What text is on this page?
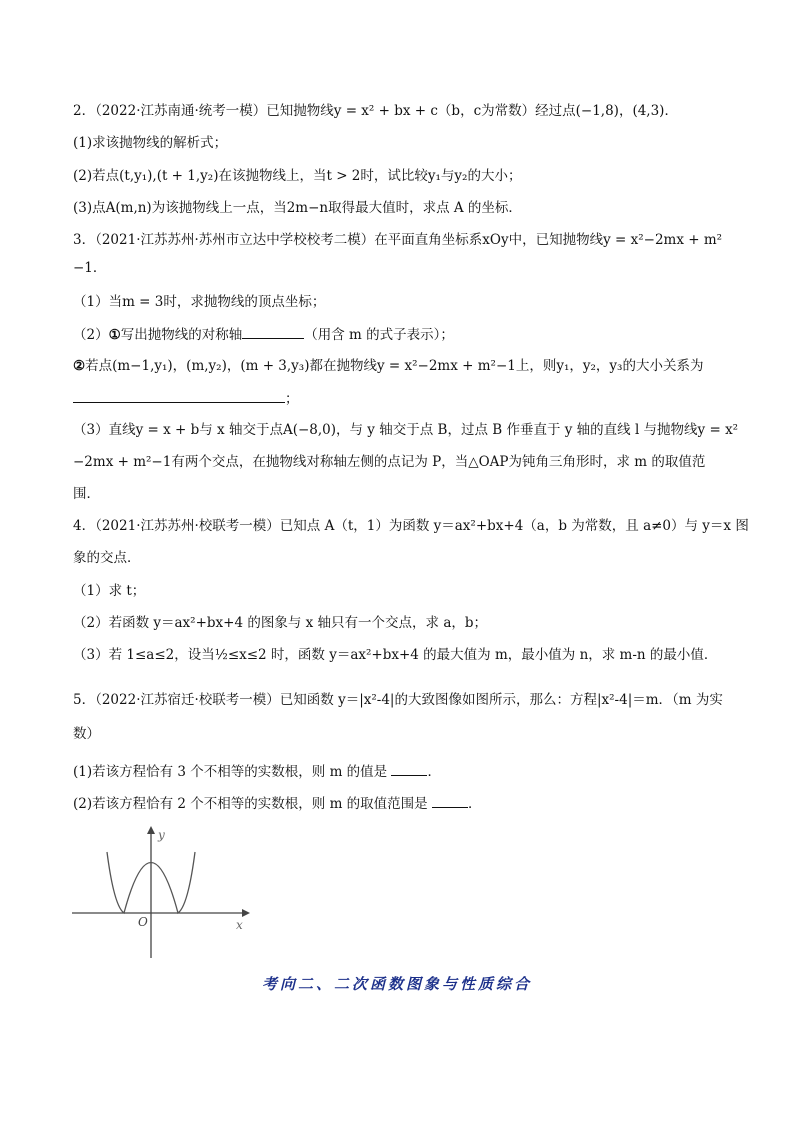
2．（2022·江苏南通·统考一模）已知抛物线y = x² + bx + c（b，c为常数）经过点(−1,8)，(4,3)．
(1)求该抛物线的解析式；
(2)若点(t,y₁),(t + 1,y₂)在该抛物线上，当t > 2时，试比较y₁与y₂的大小；
(3)点A(m,n)为该抛物线上一点，当2m−n取得最大值时，求点 A 的坐标．
3．（2021·江苏苏州·苏州市立达中学校校考二模）在平面直角坐标系xOy中，已知抛物线y = x²−2mx + m²
−1．
（1）当m = 3时，求抛物线的顶点坐标；
（2）①写出抛物线的对称轴	（用含 m 的式子表示）；
②若点(m−1,y₁)，(m,y₂)，(m + 3,y₃)都在抛物线y = x²−2mx + m²−1上，则y₁，y₂，y₃的大小关系为
；
（3）直线y = x + b与 x 轴交于点A(−8,0)，与 y 轴交于点 B，过点 B 作垂直于 y 轴的直线 l 与抛物线y = x²
−2mx + m²−1有两个交点，在抛物线对称轴左侧的点记为 P，当△OAP为钝角三角形时，求 m 的取值范
围．
4．（2021·江苏苏州·校联考一模）已知点 A（t，1）为函数 y＝ax²+bx+4（a，b 为常数，且 a≠0）与 y＝x 图
象的交点．
（1）求 t；
（2）若函数 y＝ax²+bx+4 的图象与 x 轴只有一个交点，求 a，b；
（3）若 1≤a≤2，设当½≤x≤2 时，函数 y＝ax²+bx+4 的最大值为 m，最小值为 n，求 m-n 的最小值．
5．（2022·江苏宿迁·校联考一模）已知函数 y＝|x²-4|的大致图像如图所示，那么：方程|x²-4|＝m．（m 为实
数）
(1)若该方程恰有 3 个不相等的实数根，则 m 的值是	．
(2)若该方程恰有 2 个不相等的实数根，则 m 的取值范围是	．
y
x
O
考向二、二次函数图象与性质综合
